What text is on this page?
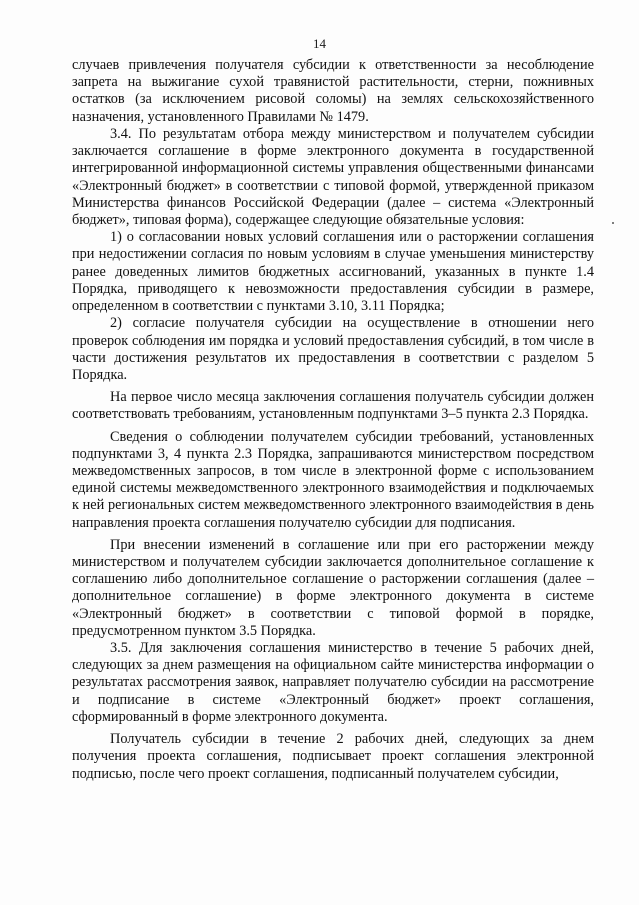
14

случаев привлечения получателя субсидии к ответственности за несоблюдение запрета на выжигание сухой травянистой растительности, стерни, пожнивных остатков (за исключением рисовой соломы) на землях сельскохозяйственного назначения, установленного Правилами № 1479.

3.4. По результатам отбора между министерством и получателем субсидии заключается соглашение в форме электронного документа в государственной интегрированной информационной системы управления общественными финансами «Электронный бюджет» в соответствии с типовой формой, утвержденной приказом Министерства финансов Российской Федерации (далее – система «Электронный бюджет», типовая форма), содержащее следующие обязательные условия:

1) о согласовании новых условий соглашения или о расторжении соглашения при недостижении согласия по новым условиям в случае уменьшения министерству ранее доведенных лимитов бюджетных ассигнований, указанных в пункте 1.4 Порядка, приводящего к невозможности предоставления субсидии в размере, определенном в соответствии с пунктами 3.10, 3.11 Порядка;

2) согласие получателя субсидии на осуществление в отношении него проверок соблюдения им порядка и условий предоставления субсидий, в том числе в части достижения результатов их предоставления в соответствии с разделом 5 Порядка.

На первое число месяца заключения соглашения получатель субсидии должен соответствовать требованиям, установленным подпунктами 3–5 пункта 2.3 Порядка.

Сведения о соблюдении получателем субсидии требований, установленных подпунктами 3, 4 пункта 2.3 Порядка, запрашиваются министерством посредством межведомственных запросов, в том числе в электронной форме с использованием единой системы межведомственного электронного взаимодействия и подключаемых к ней региональных систем межведомственного электронного взаимодействия в день направления проекта соглашения получателю субсидии для подписания.

При внесении изменений в соглашение или при его расторжении между министерством и получателем субсидии заключается дополнительное соглашение к соглашению либо дополнительное соглашение о расторжении соглашения (далее – дополнительное соглашение) в форме электронного документа в системе «Электронный бюджет» в соответствии с типовой формой в порядке, предусмотренном пунктом 3.5 Порядка.

3.5. Для заключения соглашения министерство в течение 5 рабочих дней, следующих за днем размещения на официальном сайте министерства информации о результатах рассмотрения заявок, направляет получателю субсидии на рассмотрение и подписание в системе «Электронный бюджет» проект соглашения, сформированный в форме электронного документа.

Получатель субсидии в течение 2 рабочих дней, следующих за днем получения проекта соглашения, подписывает проект соглашения электронной подписью, после чего проект соглашения, подписанный получателем субсидии,
